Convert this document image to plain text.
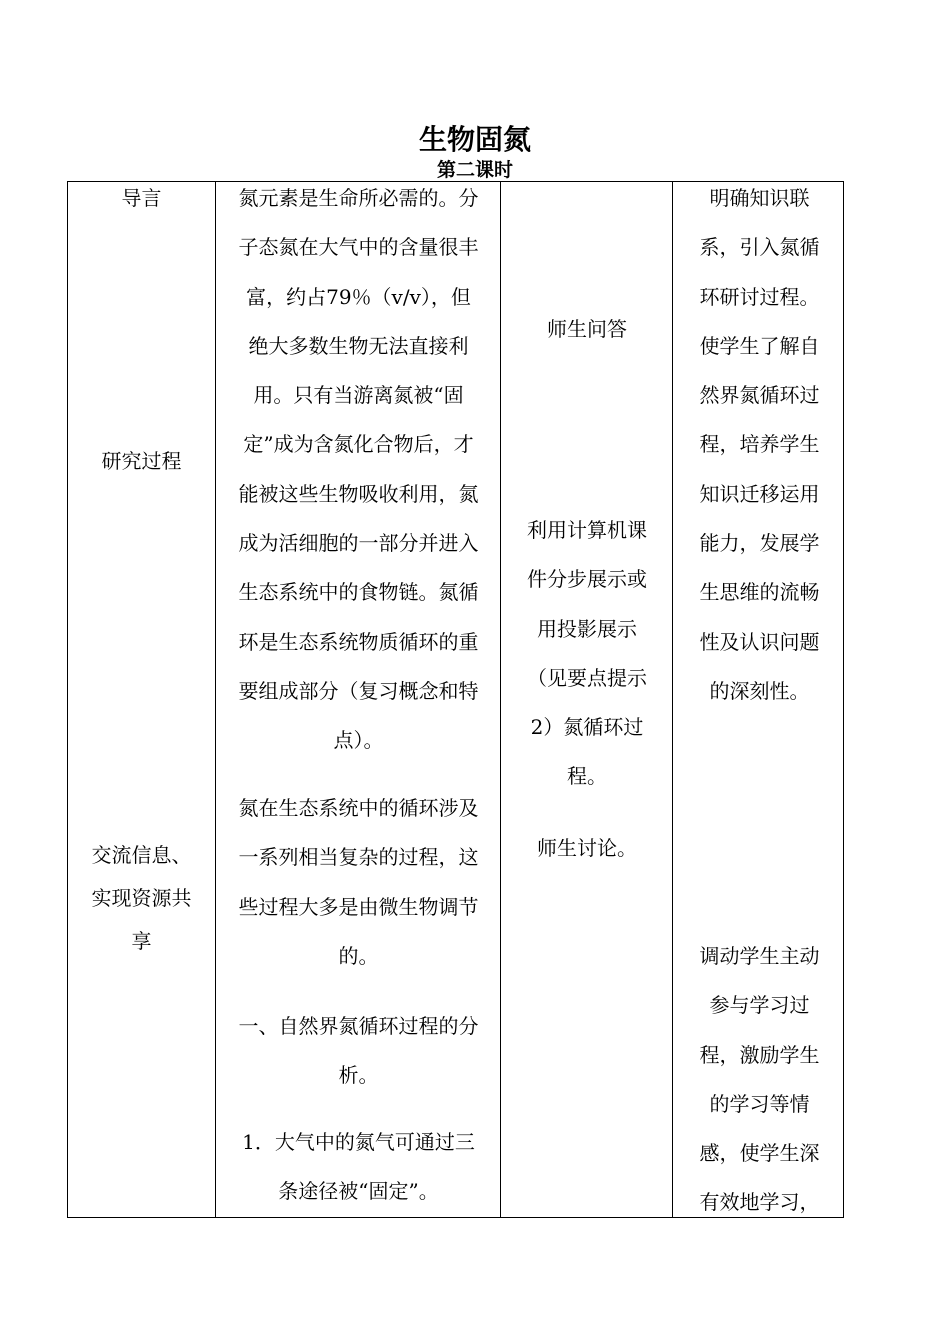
生物固氮
第二课时
导言
研究过程
交流信息、
实现资源共
享
氮元素是生命所必需的。分
子态氮在大气中的含量很丰
富，约占79％（v/v），但
绝大多数生物无法直接利
用。只有当游离氮被“固
定”成为含氮化合物后，才
能被这些生物吸收利用，氮
成为活细胞的一部分并进入
生态系统中的食物链。氮循
环是生态系统物质循环的重
要组成部分（复习概念和特
点）。
氮在生态系统中的循环涉及
一系列相当复杂的过程，这
些过程大多是由微生物调节
的。
一、自然界氮循环过程的分
析。
1．大气中的氮气可通过三
条途径被“固定”。
师生问答
利用计算机课
件分步展示或
用投影展示
（见要点提示
2）氮循环过
程。
师生讨论。
明确知识联
系，引入氮循
环研讨过程。
使学生了解自
然界氮循环过
程，培养学生
知识迁移运用
能力，发展学
生思维的流畅
性及认识问题
的深刻性。
调动学生主动
参与学习过
程，激励学生
的学习等情
感，使学生深
有效地学习，
